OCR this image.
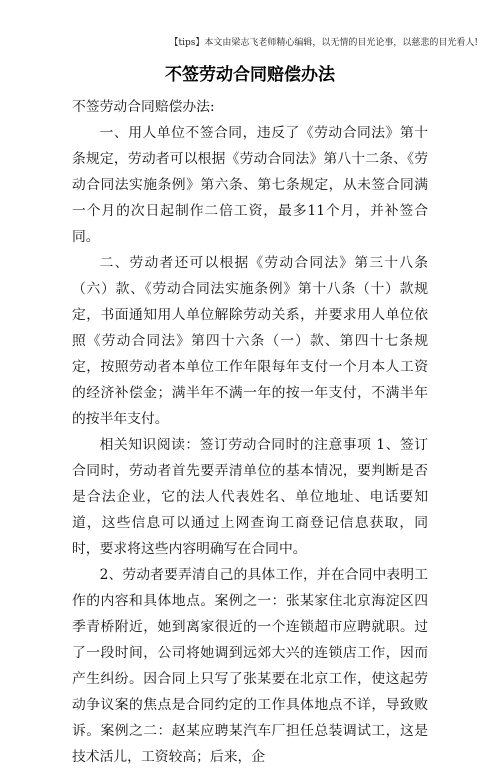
【tips】本文由梁志飞老师精心编辑，以无情的目光论事，以慈悲的目光看人!
不签劳动合同赔偿办法

不签劳动合同赔偿办法:

一、用人单位不签合同，违反了《劳动合同法》第十条规定，劳动者可以根据《劳动合同法》第八十二条、《劳动合同法实施条例》第六条、第七条规定，从未签合同满一个月的次日起制作二倍工资，最多11个月，并补签合同。

二、劳动者还可以根据《劳动合同法》第三十八条（六）款、《劳动合同法实施条例》第十八条（十）款规定，书面通知用人单位解除劳动关系，并要求用人单位依照《劳动合同法》第四十六条（一）款、第四十七条规定，按照劳动者本单位工作年限每年支付一个月本人工资的经济补偿金；满半年不满一年的按一年支付，不满半年的按半年支付。

相关知识阅读：签订劳动合同时的注意事项 1、签订合同时，劳动者首先要弄清单位的基本情况，要判断是否是合法企业，它的法人代表姓名、单位地址、电话要知道，这些信息可以通过上网查询工商登记信息获取，同时，要求将这些内容明确写在合同中。

2、劳动者要弄清自己的具体工作，并在合同中表明工作的内容和具体地点。案例之一：张某家住北京海淀区四季青桥附近，她到离家很近的一个连锁超市应聘就职。过了一段时间，公司将她调到远郊大兴的连锁店工作，因而产生纠纷。因合同上只写了张某要在北京工作，使这起劳动争议案的焦点是合同约定的工作具体地点不详，导致败诉。案例之二：赵某应聘某汽车厂担任总装调试工，这是技术活儿，工资较高；后来，企
